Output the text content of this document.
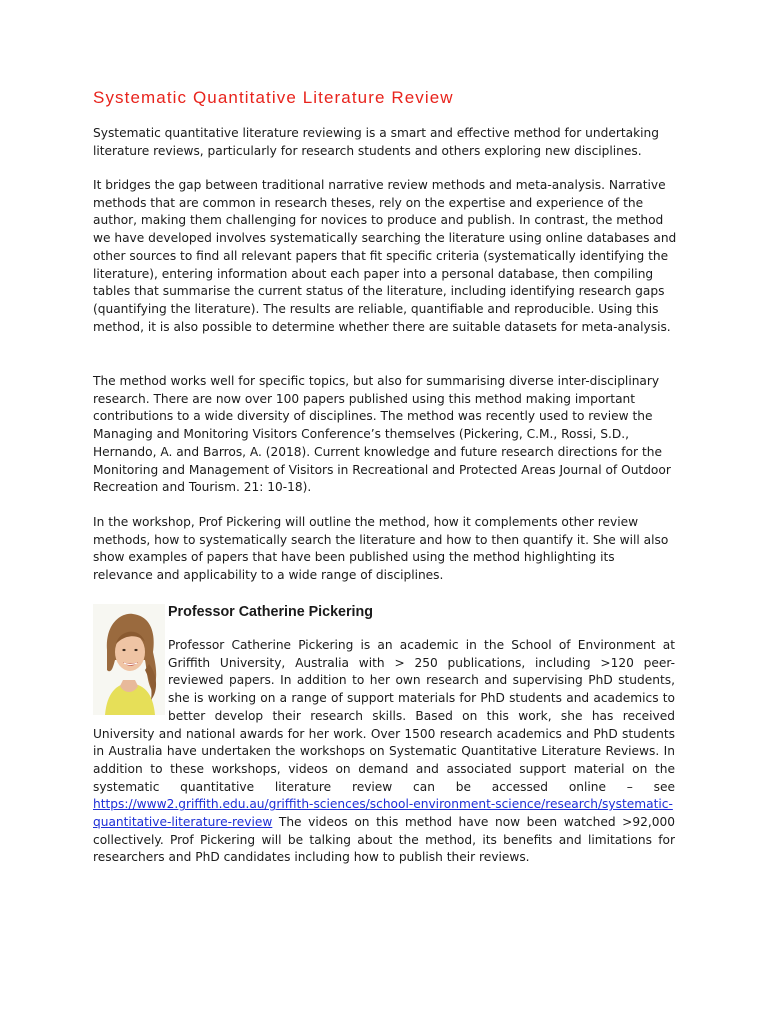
Systematic Quantitative Literature Review

Systematic quantitative literature reviewing is a smart and effective method for undertaking literature reviews, particularly for research students and others exploring new disciplines.

It bridges the gap between traditional narrative review methods and meta-analysis. Narrative methods that are common in research theses, rely on the expertise and experience of the author, making them challenging for novices to produce and publish. In contrast, the method we have developed involves systematically searching the literature using online databases and other sources to find all relevant papers that fit specific criteria (systematically identifying the literature), entering information about each paper into a personal database, then compiling tables that summarise the current status of the literature, including identifying research gaps (quantifying the literature). The results are reliable, quantifiable and reproducible. Using this method, it is also possible to determine whether there are suitable datasets for meta-analysis.

The method works well for specific topics, but also for summarising diverse inter-disciplinary research. There are now over 100 papers published using this method making important contributions to a wide diversity of disciplines. The method was recently used to review the Managing and Monitoring Visitors Conference’s themselves (Pickering, C.M., Rossi, S.D., Hernando, A. and Barros, A. (2018). Current knowledge and future research directions for the Monitoring and Management of Visitors in Recreational and Protected Areas Journal of Outdoor Recreation and Tourism. 21: 10-18).

In the workshop, Prof Pickering will outline the method, how it complements other review methods, how to systematically search the literature and how to then quantify it. She will also show examples of papers that have been published using the method highlighting its relevance and applicability to a wide range of disciplines.

Professor Catherine Pickering

Professor Catherine Pickering is an academic in the School of Environment at Griffith University, Australia with > 250 publications, including >120 peer-reviewed papers. In addition to her own research and supervising PhD students, she is working on a range of support materials for PhD students and academics to better develop their research skills. Based on this work, she has received University and national awards for her work. Over 1500 research academics and PhD students in Australia have undertaken the workshops on Systematic Quantitative Literature Reviews. In addition to these workshops, videos on demand and associated support material on the systematic quantitative literature review can be accessed online – see https://www2.griffith.edu.au/griffith-sciences/school-environment-science/research/systematic-quantitative-literature-review The videos on this method have now been watched >92,000 collectively. Prof Pickering will be talking about the method, its benefits and limitations for researchers and PhD candidates including how to publish their reviews.
